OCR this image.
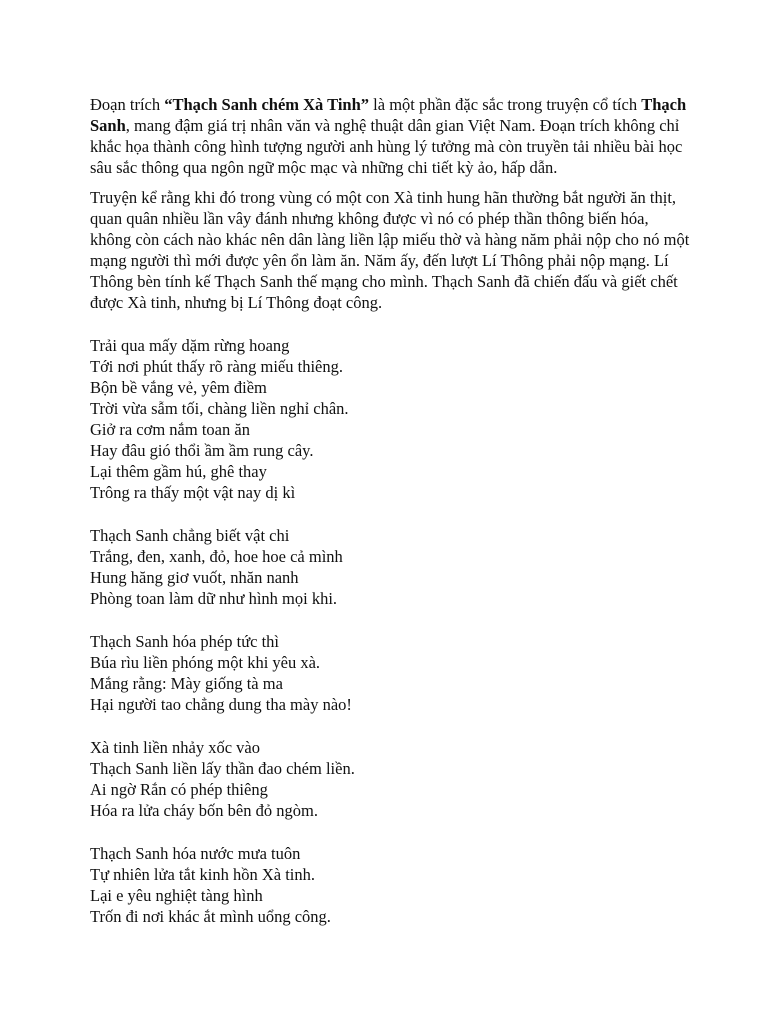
Đoạn trích “Thạch Sanh chém Xà Tinh” là một phần đặc sắc trong truyện cổ tích Thạch Sanh, mang đậm giá trị nhân văn và nghệ thuật dân gian Việt Nam. Đoạn trích không chỉ khắc họa thành công hình tượng người anh hùng lý tưởng mà còn truyền tải nhiều bài học sâu sắc thông qua ngôn ngữ mộc mạc và những chi tiết kỳ ảo, hấp dẫn.

Truyện kể rằng khi đó trong vùng có một con Xà tinh hung hãn thường bắt người ăn thịt, quan quân nhiều lần vây đánh nhưng không được vì nó có phép thần thông biến hóa, không còn cách nào khác nên dân làng liền lập miếu thờ và hàng năm phải nộp cho nó một mạng người thì mới được yên ổn làm ăn. Năm ấy, đến lượt Lí Thông phải nộp mạng. Lí Thông bèn tính kế Thạch Sanh thế mạng cho mình. Thạch Sanh đã chiến đấu và giết chết được Xà tinh, nhưng bị Lí Thông đoạt công.

Trải qua mấy dặm rừng hoang
Tới nơi phút thấy rõ ràng miếu thiêng.
Bộn bề vắng vẻ, yêm điềm
Trời vừa sẫm tối, chàng liền nghỉ chân.
Giở ra cơm nắm toan ăn
Hay đâu gió thổi ầm ầm rung cây.
Lại thêm gầm hú, ghê thay
Trông ra thấy một vật nay dị kì
Thạch Sanh chẳng biết vật chi
Trắng, đen, xanh, đỏ, hoe hoe cả mình
Hung hăng giơ vuốt, nhăn nanh
Phòng toan làm dữ như hình mọi khi.
Thạch Sanh hóa phép tức thì
Búa rìu liền phóng một khi yêu xà.
Mắng rằng: Mày giống tà ma
Hại người tao chẳng dung tha mày nào!
Xà tinh liền nhảy xốc vào
Thạch Sanh liền lấy thần đao chém liền.
Ai ngờ Rắn có phép thiêng
Hóa ra lửa cháy bốn bên đỏ ngòm.
Thạch Sanh hóa nước mưa tuôn
Tự nhiên lửa tắt kinh hồn Xà tinh.
Lại e yêu nghiệt tàng hình
Trốn đi nơi khác ắt mình uổng công.
